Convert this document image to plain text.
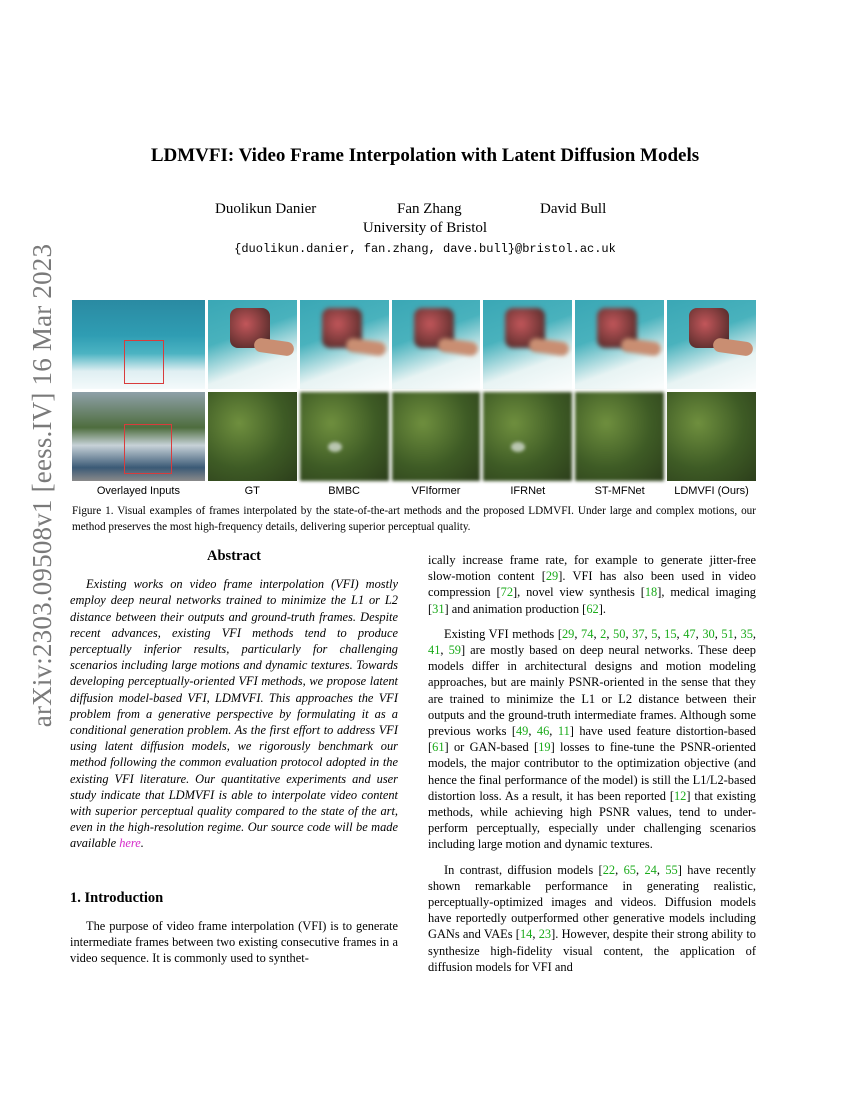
arXiv:2303.09508v1 [eess.IV] 16 Mar 2023
LDMVFI: Video Frame Interpolation with Latent Diffusion Models
Duolikun Danier	Fan Zhang	David Bull
University of Bristol
{duolikun.danier, fan.zhang, dave.bull}@bristol.ac.uk
Overlayed Inputs	GT	BMBC	VFIformer	IFRNet	ST-MFNet	LDMVFI (Ours)
Figure 1. Visual examples of frames interpolated by the state-of-the-art methods and the proposed LDMVFI. Under large and complex motions, our method preserves the most high-frequency details, delivering superior perceptual quality.
Abstract

Existing works on video frame interpolation (VFI) mostly employ deep neural networks trained to minimize the L1 or L2 distance between their outputs and ground-truth frames. Despite recent advances, existing VFI methods tend to produce perceptually inferior results, particularly for challenging scenarios including large motions and dynamic textures. Towards developing perceptually-oriented VFI methods, we propose latent diffusion model-based VFI, LDMVFI. This approaches the VFI problem from a generative perspective by formulating it as a conditional generation problem. As the first effort to address VFI using latent diffusion models, we rigorously benchmark our method following the common evaluation protocol adopted in the existing VFI literature. Our quantitative experiments and user study indicate that LDMVFI is able to interpolate video content with superior perceptual quality compared to the state of the art, even in the high-resolution regime. Our source code will be made available here.

1. Introduction

The purpose of video frame interpolation (VFI) is to generate intermediate frames between two existing consecutive frames in a video sequence. It is commonly used to synthet-

ically increase frame rate, for example to generate jitter-free slow-motion content [29]. VFI has also been used in video compression [72], novel view synthesis [18], medical imaging [31] and animation production [62].

Existing VFI methods [29, 74, 2, 50, 37, 5, 15, 47, 30, 51, 35, 41, 59] are mostly based on deep neural networks. These deep models differ in architectural designs and motion modeling approaches, but are mainly PSNR-oriented in the sense that they are trained to minimize the L1 or L2 distance between their outputs and the ground-truth intermediate frames. Although some previous works [49, 46, 11] have used feature distortion-based [61] or GAN-based [19] losses to fine-tune the PSNR-oriented models, the major contributor to the optimization objective (and hence the final performance of the model) is still the L1/L2-based distortion loss. As a result, it has been reported [12] that existing methods, while achieving high PSNR values, tend to under-perform perceptually, especially under challenging scenarios including large motion and dynamic textures.

In contrast, diffusion models [22, 65, 24, 55] have recently shown remarkable performance in generating realistic, perceptually-optimized images and videos. Diffusion models have reportedly outperformed other generative models including GANs and VAEs [14, 23]. However, despite their strong ability to synthesize high-fidelity visual content, the application of diffusion models for VFI and
